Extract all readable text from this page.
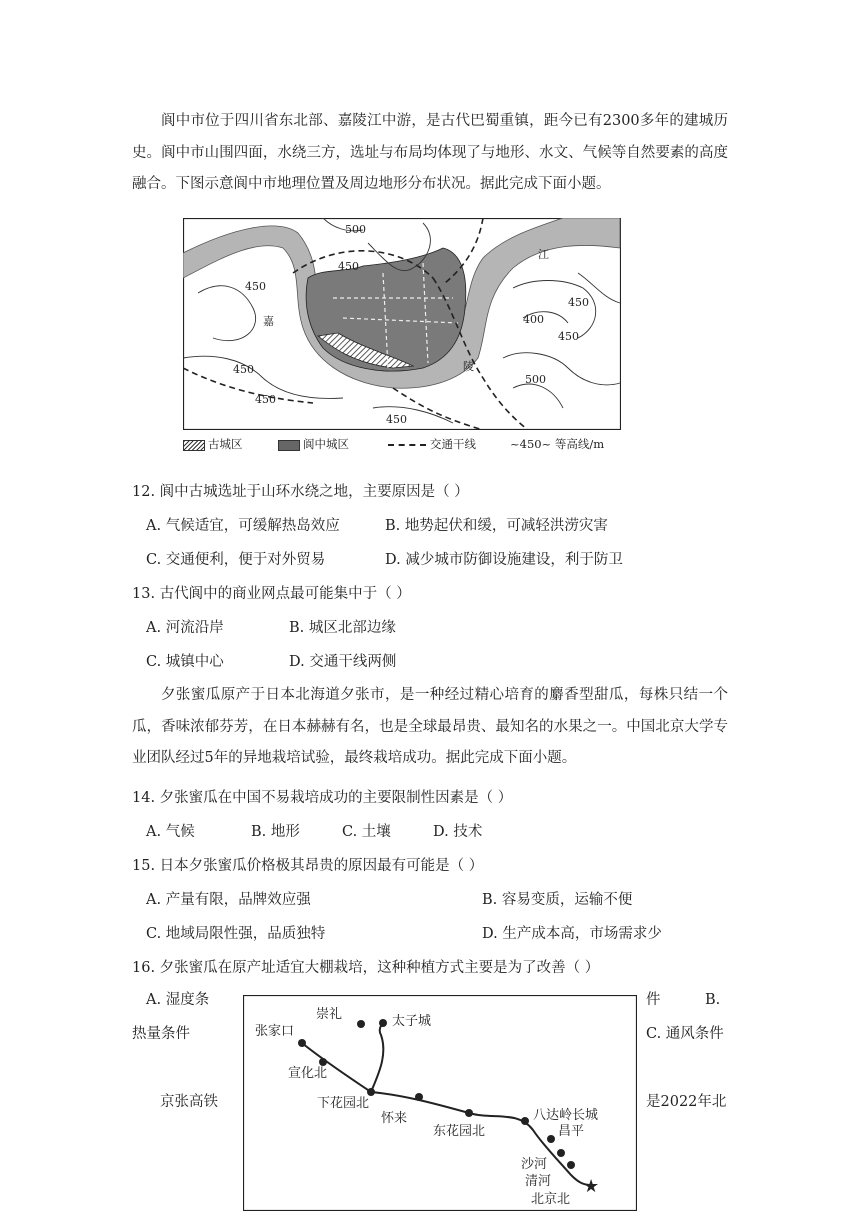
阆中市位于四川省东北部、嘉陵江中游，是古代巴蜀重镇，距今已有2300多年的建城历史。阆中市山围四面，水绕三方，选址与布局均体现了与地形、水文、气候等自然要素的高度融合。下图示意阆中市地理位置及周边地形分布状况。据此完成下面小题。
500
450
450
450
450
400
450
500
450
450
嘉
陵
江
古城区	阆中城区	交通干线	~450~ 等高线/m
12. 阆中古城选址于山环水绕之地，主要原因是（ ）
A. 气候适宜，可缓解热岛效应	B. 地势起伏和缓，可减轻洪涝灾害
C. 交通便利，便于对外贸易	D. 减少城市防御设施建设，利于防卫
13. 古代阆中的商业网点最可能集中于（ ）
A. 河流沿岸	B. 城区北部边缘
C. 城镇中心	D. 交通干线两侧
夕张蜜瓜原产于日本北海道夕张市，是一种经过精心培育的麝香型甜瓜，每株只结一个瓜，香味浓郁芬芳，在日本赫赫有名，也是全球最昂贵、最知名的水果之一。中国北京大学专业团队经过5年的异地栽培试验，最终栽培成功。据此完成下面小题。
14. 夕张蜜瓜在中国不易栽培成功的主要限制性因素是（ ）
A. 气候	B. 地形	C. 土壤	D. 技术
15. 日本夕张蜜瓜价格极其昂贵的原因最有可能是（ ）
A. 产量有限，品牌效应强	B. 容易变质，运输不便
C. 地域局限性强，品质独特	D. 生产成本高，市场需求少
16. 夕张蜜瓜在原产址适宜大棚栽培，这种种植方式主要是为了改善（ ）
A. 湿度条	件	B.
热量条件	C. 通风条件
京张高铁	是2022年北
★
崇礼	太子城
张家口
宣化北
下花园北
怀来
东花园北
八达岭长城
昌平
沙河
清河
北京北
